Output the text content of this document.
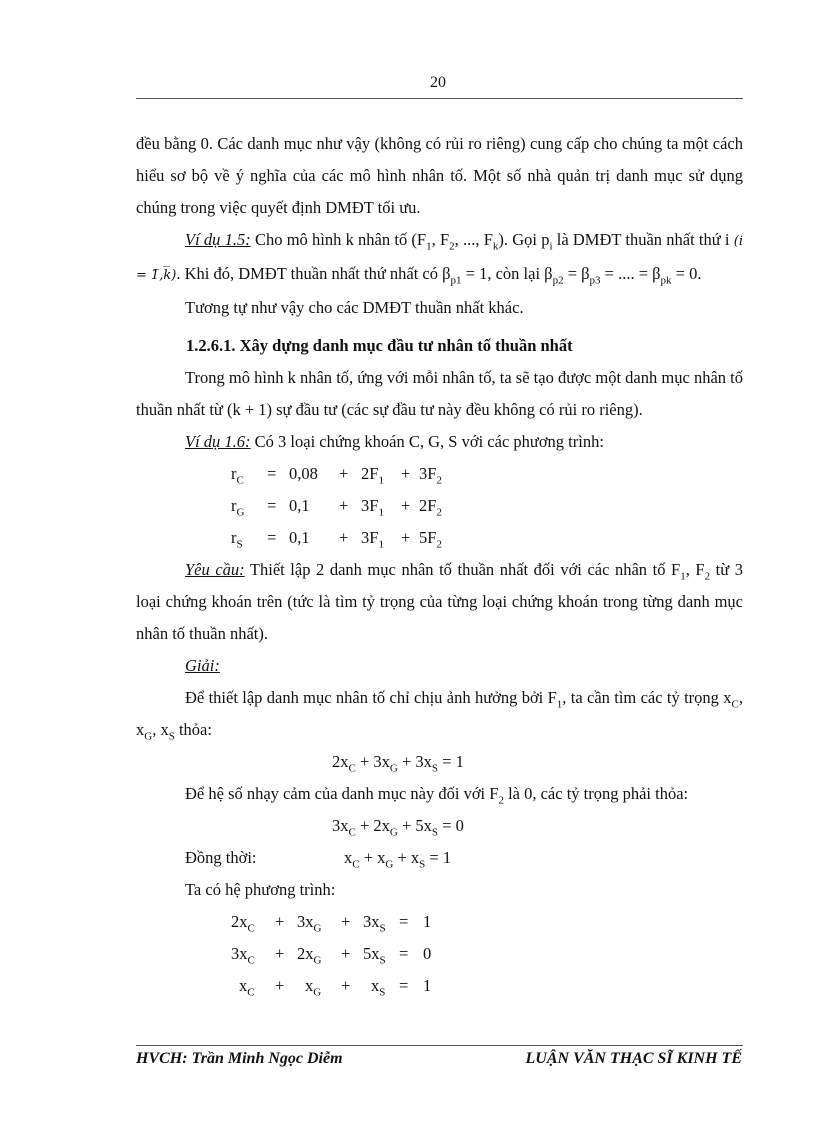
20

đều bằng 0. Các danh mục như vậy (không có rủi ro riêng) cung cấp cho chúng ta một cách hiểu sơ bộ về ý nghĩa của các mô hình nhân tố. Một số nhà quản trị danh mục sử dụng chúng trong việc quyết định DMĐT tối ưu.

Ví dụ 1.5: Cho mô hình k nhân tố ($F_1$, $F_2$, ..., $F_k$). Gọi $p_i$ là DMĐT thuần nhất thứ i (i = 1̅,k̅). Khi đó, DMĐT thuần nhất thứ nhất có $\beta_{p1} = 1$, còn lại $\beta_{p2} = \beta_{p3}$ = .... = $\beta_{pk} = 0$.

Tương tự như vậy cho các DMĐT thuần nhất khác.

1.2.6.1. Xây dựng danh mục đầu tư nhân tố thuần nhất

Trong mô hình k nhân tố, ứng với mỗi nhân tố, ta sẽ tạo được một danh mục nhân tố thuần nhất từ (k + 1) sự đầu tư (các sự đầu tư này đều không có rủi ro riêng).

Ví dụ 1.6: Có 3 loại chứng khoán C, G, S với các phương trình:

$r_C$	= 0,08	+ $2F_1$	+ $3F_2$
$r_G$	= 0,1	+ $3F_1$	+ $2F_2$
$r_S$	= 0,1	+ $3F_1$	+ $5F_2$

Yêu cầu: Thiết lập 2 danh mục nhân tố thuần nhất đối với các nhân tố $F_1$, $F_2$ từ 3 loại chứng khoán trên (tức là tìm tỷ trọng của từng loại chứng khoán trong từng danh mục nhân tố thuần nhất).

Giải:

Để thiết lập danh mục nhân tố chỉ chịu ảnh hưởng bởi $F_1$, ta cần tìm các tỷ trọng $x_C$, $x_G$, $x_S$ thỏa:

$2x_C + 3x_G + 3x_S = 1$

Để hệ số nhạy cảm của danh mục này đối với $F_2$ là 0, các tỷ trọng phải thỏa:

$3x_C + 2x_G + 5x_S = 0$

Đồng thời:	$x_C + x_G + x_S = 1$

Ta có hệ phương trình:

$2x_C$	+ $3x_G$	+ $3x_S = 1$
$3x_C$	+ $2x_G$	+ $5x_S = 0$
$x_C$	+	$x_G$	+	$x_S = 1$
HVCH: Trần Minh Ngọc Diễm	LUẬN VĂN THẠC SĨ KINH TẾ
